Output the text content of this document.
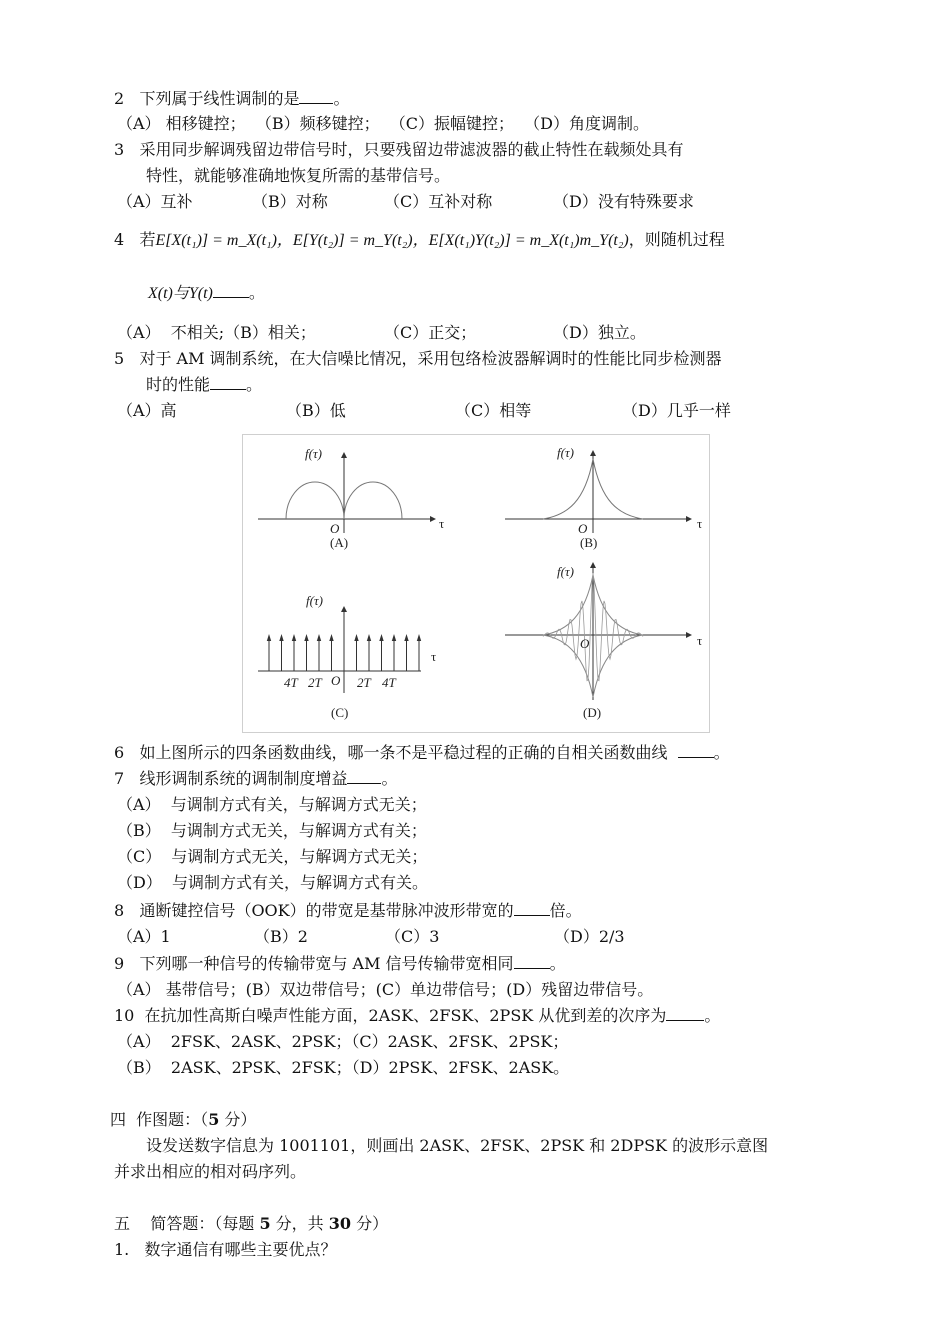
2   下列属于线性调制的是 。
（A） 相移键控；  （B）频移键控；  （C）振幅键控；  （D）角度调制。
3   采用同步解调残留边带信号时，只要残留边带滤波器的截止特性在载频处具有
特性，就能够准确地恢复所需的基带信号。
（A）互补	（B）对称	（C）互补对称	（D）没有特殊要求
4   若E[X(t₁)] = m_X(t₁)，E[Y(t₂)] = m_Y(t₂)，E[X(t₁)Y(t₂)] = m_X(t₁)m_Y(t₂)，则随机过程
X(t)与Y(t) 。
（A）  不相关;（B）相关；	（C）正交；	（D）独立。
5   对于 AM 调制系统，在大信噪比情况，采用包络检波器解调时的性能比同步检测器
时的性能 。
（A）高	（B）低	（C）相等	（D）几乎一样
f(τ)
τ
O
(A)
f(τ)
τ
O
(B)
f(τ)
τ
4T 2T O 2T 4T
(C)
f(τ)
τ
O
(D)
6   如上图所示的四条函数曲线，哪一条不是平稳过程的正确的自相关函数曲线	。
7   线形调制系统的调制制度增益 。
（A）  与调制方式有关，与解调方式无关；
（B）  与调制方式无关，与解调方式有关；
（C）  与调制方式无关，与解调方式无关；
（D）  与调制方式有关，与解调方式有关。
8   通断键控信号（OOK）的带宽是基带脉冲波形带宽的 倍。
（A）1	（B）2	（C）3	（D）2/3
9   下列哪一种信号的传输带宽与 AM 信号传输带宽相同 。
（A） 基带信号；(B）双边带信号；(C）单边带信号；(D）残留边带信号。
10  在抗加性高斯白噪声性能方面，2ASK、2FSK、2PSK 从优到差的次序为 。
（A）  2FSK、2ASK、2PSK；（C）2ASK、2FSK、2PSK；
（B）  2ASK、2PSK、2FSK；（D）2PSK、2FSK、2ASK。
四  作图题：（5 分）
设发送数字信息为 1001101，则画出 2ASK、2FSK、2PSK 和 2DPSK 的波形示意图
并求出相应的相对码序列。
五    简答题：（每题 5 分，共 30 分）
1.   数字通信有哪些主要优点？
